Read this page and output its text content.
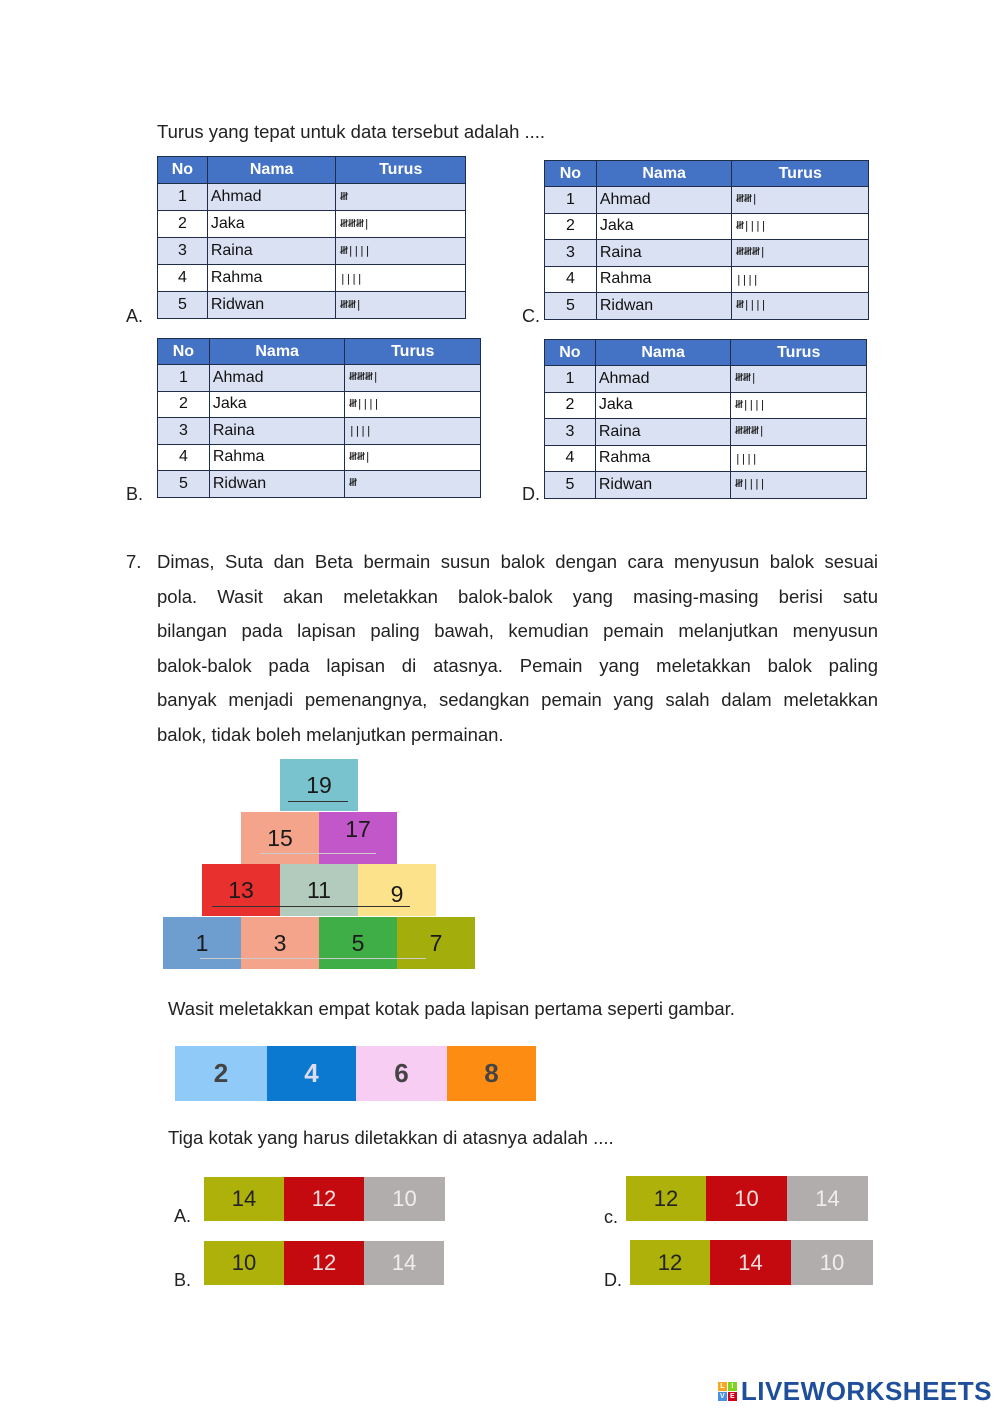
Turus yang tepat untuk data tersebut adalah ....
A.	C.
B.	D.
No	Nama	Turus
1	Ahmad	𝍸
2	Jaka	𝍸𝍸𝍸|
3	Raina	𝍸||||
4	Rahma	||||
5	Ridwan	𝍸𝍸|
No	Nama	Turus
1	Ahmad	𝍸𝍸|
2	Jaka	𝍸||||
3	Raina	𝍸𝍸𝍸|
4	Rahma	||||
5	Ridwan	𝍸||||
No	Nama	Turus
1	Ahmad	𝍸𝍸𝍸|
2	Jaka	𝍸||||
3	Raina	||||
4	Rahma	𝍸𝍸|
5	Ridwan	𝍸
No	Nama	Turus
1	Ahmad	𝍸𝍸|
2	Jaka	𝍸||||
3	Raina	𝍸𝍸𝍸|
4	Rahma	||||
5	Ridwan	𝍸||||
7. Dimas, Suta dan Beta bermain susun balok dengan cara menyusun balok sesuai
pola. Wasit akan meletakkan balok-balok yang masing-masing berisi satu
bilangan pada lapisan paling bawah, kemudian pemain melanjutkan menyusun
balok-balok pada lapisan di atasnya. Pemain yang meletakkan balok paling
banyak menjadi pemenangnya, sedangkan pemain yang salah dalam meletakkan
balok, tidak boleh melanjutkan permainan.
19
15	17
13	11	9
1	3	5	7
Wasit meletakkan empat kotak pada lapisan pertama seperti gambar.
2	4	6	8
Tiga kotak yang harus diletakkan di atasnya adalah ....
A.
14	12	10
B.
10	12	14
c.
12	10	14
D.
12	14	10
L I
V E LIVEWORKSHEETS
